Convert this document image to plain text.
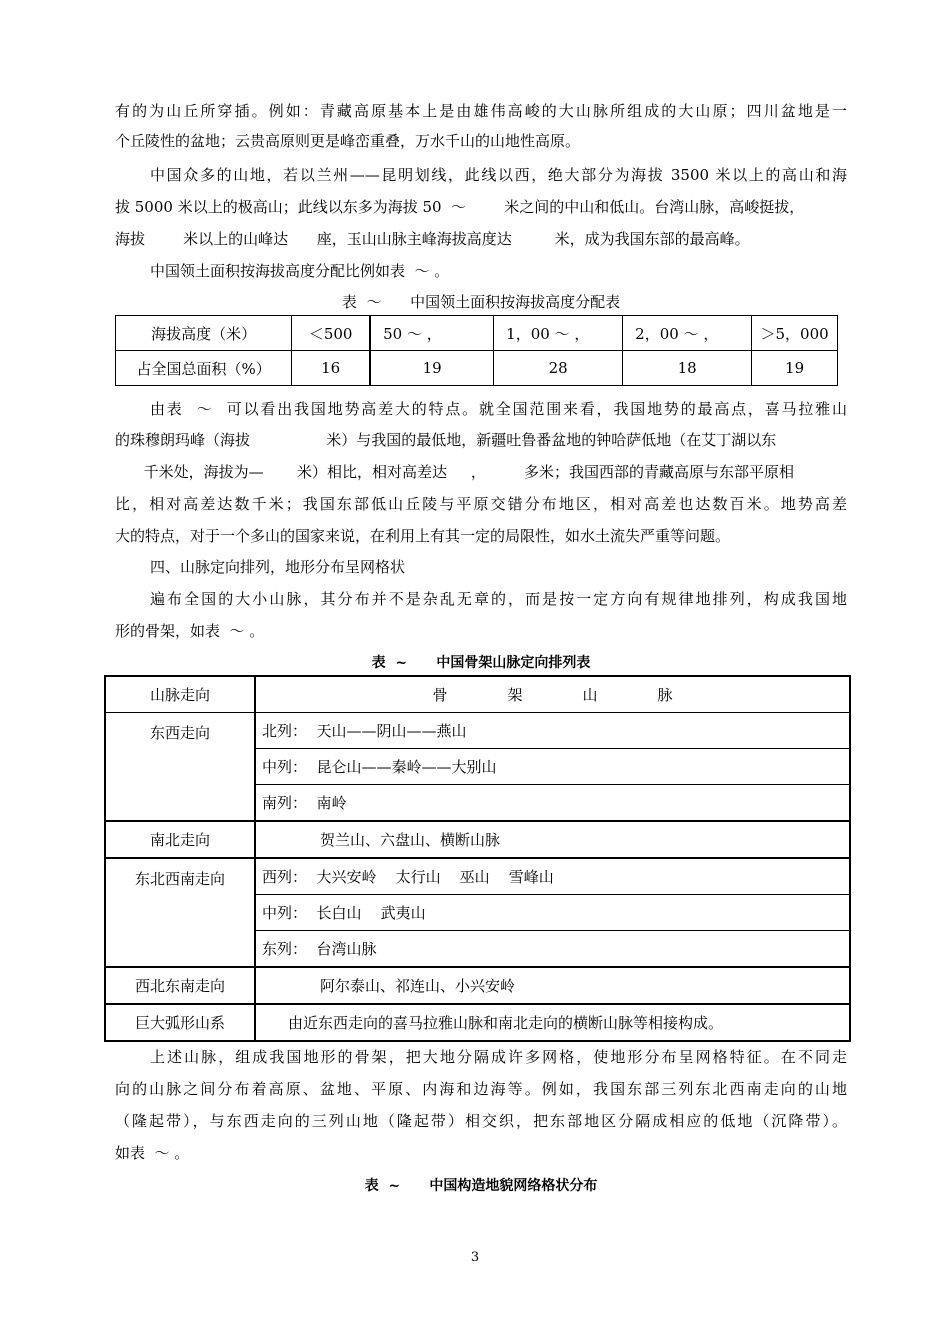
有的为山丘所穿插。例如：青藏高原基本上是由雄伟高峻的大山脉所组成的大山原；四川盆地是一
个丘陵性的盆地；云贵高原则更是峰峦重叠，万水千山的山地性高原。
中国众多的山地，若以兰州——昆明划线，此线以西，绝大部分为海拔 3500 米以上的高山和海
拔 5000 米以上的极高山；此线以东多为海拔 50  ～        米之间的中山和低山。台湾山脉，高峻挺拔，
海拔        米以上的山峰达      座，玉山山脉主峰海拔高度达         米，成为我国东部的最高峰。
中国领土面积按海拔高度分配比例如表  ～ 。
表  ～      中国领土面积按海拔高度分配表
海拔高度（米）	＜500	50 ～ ，	1，00 ～ ，	2，00 ～ ，	＞5，000
占全国总面积（%）	16	19	28	18	19
由表  ～  可以看出我国地势高差大的特点。就全国范围来看，我国地势的最高点，喜马拉雅山
的珠穆朗玛峰（海拔                米）与我国的最低地，新疆吐鲁番盆地的钟哈萨低地（在艾丁湖以东
千米处，海拔为—       米）相比，相对高差达     ，        多米；我国西部的青藏高原与东部平原相
比，相对高差达数千米；我国东部低山丘陵与平原交错分布地区，相对高差也达数百米。地势高差
大的特点，对于一个多山的国家来说，在利用上有其一定的局限性，如水土流失严重等问题。
四、山脉定向排列，地形分布呈网格状
遍布全国的大小山脉，其分布并不是杂乱无章的，而是按一定方向有规律地排列，构成我国地
形的骨架，如表  ～ 。
表  ~      中国骨架山脉定向排列表
山脉走向	骨 架 山 脉

东西走向	北列：  天山——阴山——燕山
	中列：  昆仑山——秦岭——大别山
	南列：  南岭
南北走向	贺兰山、六盘山、横断山脉
东北西南走向	西列：  大兴安岭    太行山    巫山    雪峰山
	中列：  长白山    武夷山
	东列：  台湾山脉
西北东南走向	阿尔泰山、祁连山、小兴安岭
巨大弧形山系	由近东西走向的喜马拉雅山脉和南北走向的横断山脉等相接构成。
上述山脉，组成我国地形的骨架，把大地分隔成许多网格，使地形分布呈网格特征。在不同走
向的山脉之间分布着高原、盆地、平原、内海和边海等。例如，我国东部三列东北西南走向的山地
（隆起带），与东西走向的三列山地（隆起带）相交织，把东部地区分隔成相应的低地（沉降带）。
如表  ～ 。
表  ~      中国构造地貌网络格状分布
3
